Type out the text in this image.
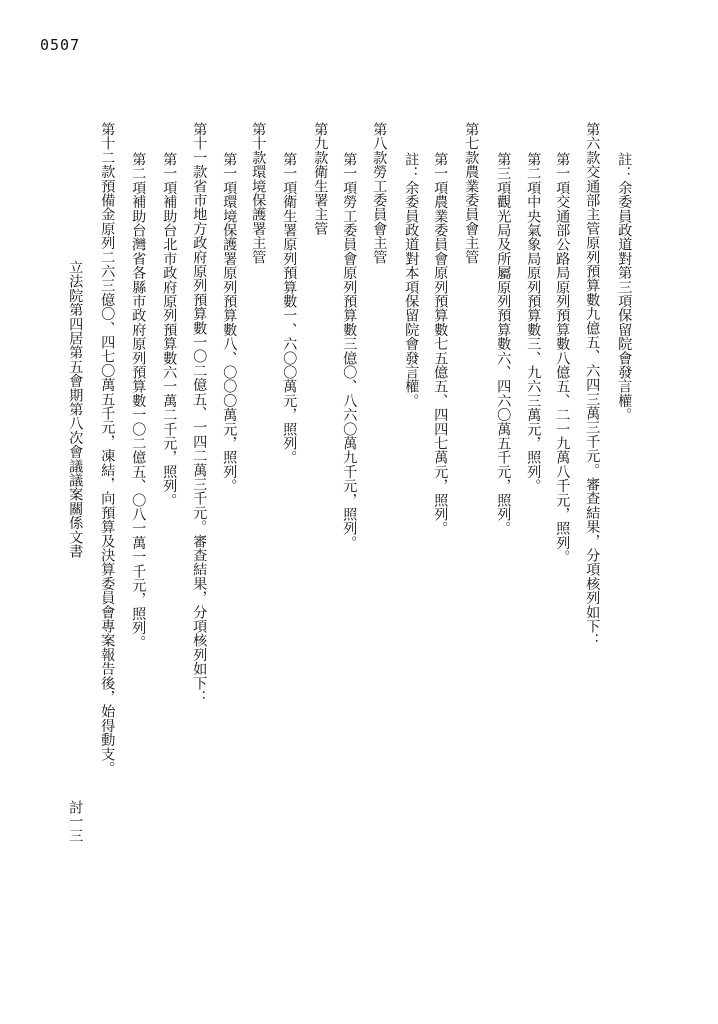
0507
註：余委員政道對第三項保留院會發言權。
第六款交通部主管原列預算數九億五、六四三萬三千元。審查結果，分項核列如下：
第一項交通部公路局原列預算數八億五、二一九萬八千元，照列。
第二項中央氣象局原列預算數三、九六三萬元，照列。
第三項觀光局及所屬原列預算數六、四六〇萬五千元，照列。
第七款農業委員會主管
第一項農業委員會原列預算數七五億五、四四七萬元，照列。
註：余委員政道對本項保留院會發言權。
第八款勞工委員會主管
第一項勞工委員會原列預算數三億〇、八六〇萬九千元，照列。
第九款衛生署主管
第一項衛生署原列預算數一、六〇〇萬元，照列。
第十款環境保護署主管
第一項環境保護署原列預算數八、〇〇〇萬元，照列。
第十一款省市地方政府原列預算數一〇二億五、一四二萬三千元。審查結果，分項核列如下：
第一項補助台北市政府原列預算數六一萬二千元，照列。
第二項補助台灣省各縣市政府原列預算數一〇二億五、〇八一萬一千元，照列。
第十二款預備金原列二六三億〇、四七〇萬五千元，凍結，向預算及決算委員會專案報告後，始得動支。
立法院第四居第五會期第八次會議議案關係文書
討一三
